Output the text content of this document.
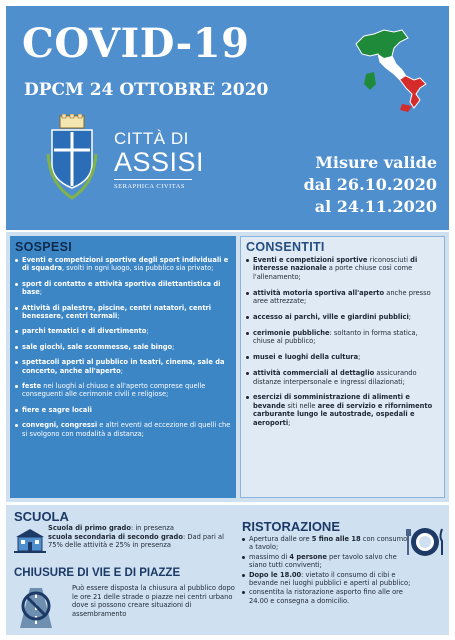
COVID-19
DPCM 24 OTTOBRE 2020
CITTÀ DI
ASSISI
SERAPHICA CIVITAS
Misure valide
dal 26.10.2020
al 24.11.2020
SOSPESI
Eventi e competizioni sportive degli sport individuali e di squadra, svolti in ogni luogo, sia pubblico sia privato;
sport di contatto e attività sportiva dilettantistica di base;
Attività di palestre, piscine, centri natatori, centri benessere, centri termali;
parchi tematici e di divertimento;
sale giochi, sale scommesse, sale bingo;
spettacoli aperti al pubblico in teatri, cinema, sale da concerto, anche all'aperto;
feste nei luoghi al chiuso e all'aperto comprese quelle conseguenti alle cerimonie civili e religiose;
fiere e sagre locali
convegni, congressi e altri eventi ad eccezione di quelli che si svolgono con modalità a distanza;
CONSENTITI
Eventi e competizioni sportive riconosciuti di interesse nazionale a porte chiuse così come l'allenamento;
attività motoria sportiva all'aperto anche presso aree attrezzate;
accesso ai parchi, ville e giardini pubblici;
cerimonie pubbliche: soltanto in forma statica, chiuse al pubblico;
musei e luoghi della cultura;
attività commerciali al dettaglio assicurando distanze interpersonale e ingressi dilazionati;
esercizi di somministrazione di alimenti e bevande siti nelle aree di servizio e rifornimento carburante lungo le autostrade, ospedali e aeroporti;
SCUOLA
Scuola di primo grado: in presenza
scuola secondaria di secondo grado: Dad pari al 75% delle attività e 25% in presenza
CHIUSURE DI VIE E DI PIAZZE
Può essere disposta la chiusura al pubblico dopo le ore 21 delle strade o piazze nei centri urbano dove si possono creare situazioni di assembramento
RISTORAZIONE
Apertura dalle ore 5 fino alle 18 con consumo a tavolo;
massimo di 4 persone per tavolo salvo che siano tutti conviventi;
Dopo le 18.00: vietato il consumo di cibi e bevande nei luoghi pubblici e aperti al pubblico;
consentita la ristorazione asporto fino alle ore 24.00 e consegna a domicilio.
